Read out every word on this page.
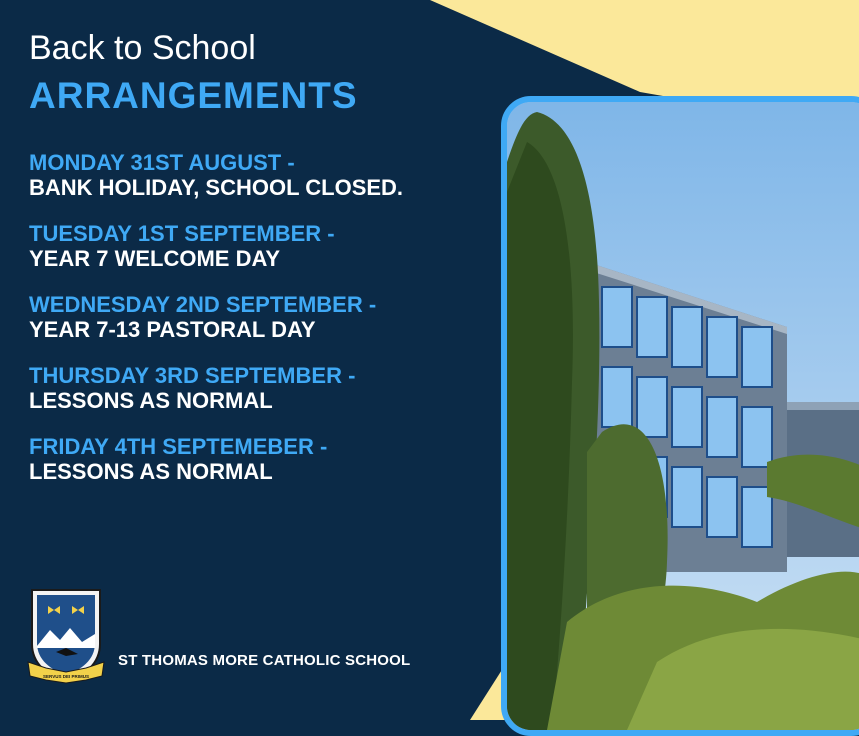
Back to School
ARRANGEMENTS
MONDAY 31ST AUGUST -
BANK HOLIDAY, SCHOOL CLOSED.
TUESDAY 1ST SEPTEMBER -
YEAR 7 WELCOME DAY
WEDNESDAY 2ND SEPTEMBER -
YEAR 7-13 PASTORAL DAY
THURSDAY 3RD SEPTEMBER -
LESSONS AS NORMAL
FRIDAY 4TH SEPTEMEBER -
LESSONS AS NORMAL
SERVUS DEI PRIMUS
ST THOMAS MORE CATHOLIC SCHOOL
